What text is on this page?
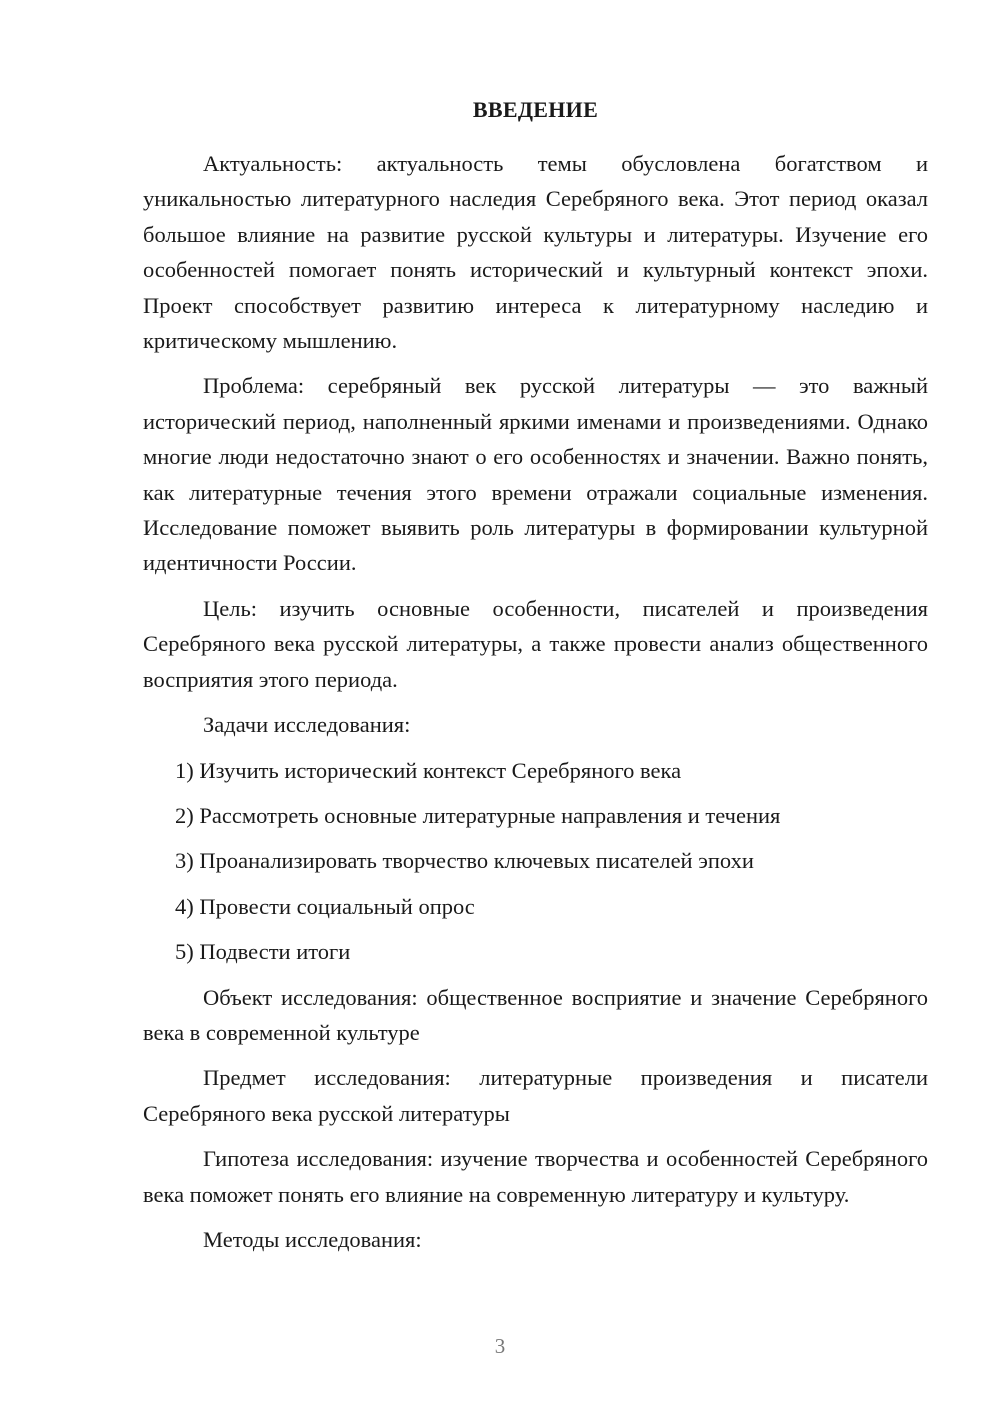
ВВЕДЕНИЕ

Актуальность: актуальность темы обусловлена богатством и уникальностью литературного наследия Серебряного века. Этот период оказал большое влияние на развитие русской культуры и литературы. Изучение его особенностей помогает понять исторический и культурный контекст эпохи. Проект способствует развитию интереса к литературному наследию и критическому мышлению.

Проблема: серебряный век русской литературы — это важный исторический период, наполненный яркими именами и произведениями. Однако многие люди недостаточно знают о его особенностях и значении. Важно понять, как литературные течения этого времени отражали социальные изменения. Исследование поможет выявить роль литературы в формировании культурной идентичности России.

Цель: изучить основные особенности, писателей и произведения Серебряного века русской литературы, а также провести анализ общественного восприятия этого периода.

Задачи исследования:

1) Изучить исторический контекст Серебряного века
2) Рассмотреть основные литературные направления и течения
3) Проанализировать творчество ключевых писателей эпохи
4) Провести социальный опрос
5) Подвести итоги

Объект исследования: общественное восприятие и значение Серебряного века в современной культуре

Предмет исследования: литературные произведения и писатели Серебряного века русской литературы

Гипотеза исследования: изучение творчества и особенностей Серебряного века поможет понять его влияние на современную литературу и культуру.

Методы исследования:

3
